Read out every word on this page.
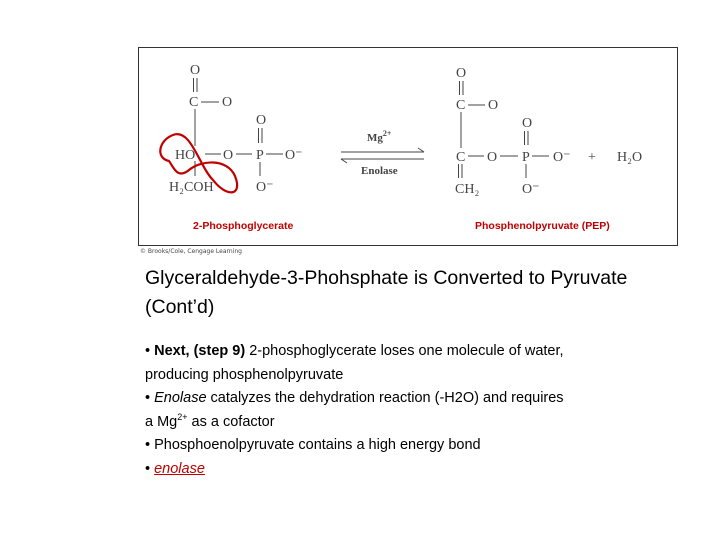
O
C O
HO O P O⁻
O
O⁻
H₂COH
$Mg^{2+}$
Enolase
O
C O
C O P O⁻
O
O⁻
CH₂
+ H₂O
2-Phosphoglycerate	Phosphenolpyruvate (PEP)
© Brooks/Cole, Cengage Learning
Glyceraldehyde-3-Phohsphate is Converted to Pyruvate (Cont’d)
• Next, (step 9) 2-phosphoglycerate loses one molecule of water, producing phosphenolpyruvate
• Enolase catalyzes the dehydration reaction (-H2O) and requires a $Mg^{2+}$ as a cofactor
• Phosphoenolpyruvate contains a high energy bond
• enolase
